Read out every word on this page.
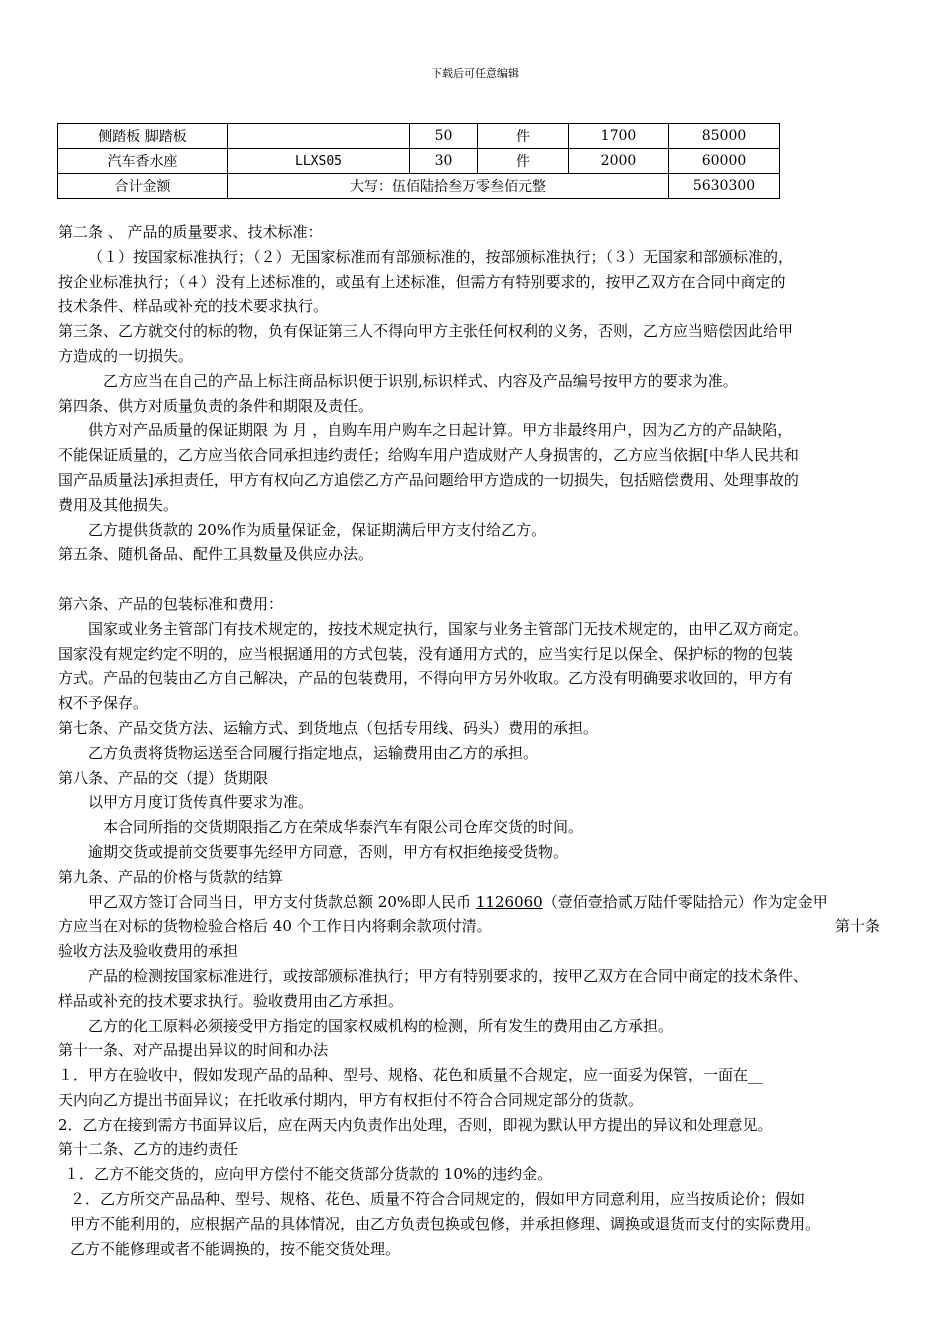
下载后可任意编辑
侧踏板 脚踏板		50	件	1700	85000
汽车香水座	LLXS05	30	件	2000	60000
合计金额	大写：伍佰陆拾叁万零叁佰元整				5630300

第二条 、 产品的质量要求、技术标准：

（１）按国家标准执行；（２）无国家标准而有部颁标准的，按部颁标准执行；（３）无国家和部颁标准的，

按企业标准执行；（４）没有上述标准的，或虽有上述标准，但需方有特别要求的，按甲乙双方在合同中商定的

技术条件、样品或补充的技术要求执行。

第三条、乙方就交付的标的物，负有保证第三人不得向甲方主张任何权利的义务，否则，乙方应当赔偿因此给甲

方造成的一切损失。

乙方应当在自己的产品上标注商品标识便于识别,标识样式、内容及产品编号按甲方的要求为准。

第四条、供方对质量负责的条件和期限及责任。

供方对产品质量的保证期限 为 月 ，自购车用户购车之日起计算。甲方非最终用户，因为乙方的产品缺陷，

不能保证质量的，乙方应当依合同承担违约责任；给购车用户造成财产人身损害的，乙方应当依据[中华人民共和

国产品质量法]承担责任，甲方有权向乙方追偿乙方产品问题给甲方造成的一切损失，包括赔偿费用、处理事故的

费用及其他损失。

乙方提供货款的 20%作为质量保证金，保证期满后甲方支付给乙方。

第五条、随机备品、配件工具数量及供应办法。

第六条、产品的包装标准和费用：

国家或业务主管部门有技术规定的，按技术规定执行，国家与业务主管部门无技术规定的，由甲乙双方商定。

国家没有规定约定不明的，应当根据通用的方式包装，没有通用方式的，应当实行足以保全、保护标的物的包装

方式。产品的包装由乙方自己解决，产品的包装费用，不得向甲方另外收取。乙方没有明确要求收回的，甲方有

权不予保存。

第七条、产品交货方法、运输方式、到货地点（包括专用线、码头）费用的承担。

乙方负责将货物运送至合同履行指定地点，运输费用由乙方的承担。

第八条、产品的交（提）货期限

以甲方月度订货传真件要求为准。

本合同所指的交货期限指乙方在荣成华泰汽车有限公司仓库交货的时间。

逾期交货或提前交货要事先经甲方同意，否则，甲方有权拒绝接受货物。

第九条、产品的价格与货款的结算

甲乙双方签订合同当日，甲方支付货款总额 20%即人民币 1126060（壹佰壹拾贰万陆仟零陆拾元）作为定金甲

方应当在对标的货物检验合格后 40 个工作日内将剩余款项付清。	第十条

验收方法及验收费用的承担

产品的检测按国家标准进行，或按部颁标准执行；甲方有特别要求的，按甲乙双方在合同中商定的技术条件、

样品或补充的技术要求执行。验收费用由乙方承担。

乙方的化工原料必须接受甲方指定的国家权威机构的检测，所有发生的费用由乙方承担。

第十一条、对产品提出异议的时间和办法

１．甲方在验收中，假如发现产品的品种、型号、规格、花色和质量不合规定，应一面妥为保管，一面在__

天内向乙方提出书面异议；在托收承付期内，甲方有权拒付不符合合同规定部分的货款。

2．乙方在接到需方书面异议后，应在两天内负责作出处理，否则，即视为默认甲方提出的异议和处理意见。

第十二条、乙方的违约责任

１．乙方不能交货的，应向甲方偿付不能交货部分货款的 10%的违约金。

２．乙方所交产品品种、型号、规格、花色、质量不符合合同规定的，假如甲方同意利用，应当按质论价；假如

甲方不能利用的，应根据产品的具体情况，由乙方负责包换或包修，并承担修理、调换或退货而支付的实际费用。

乙方不能修理或者不能调换的，按不能交货处理。
